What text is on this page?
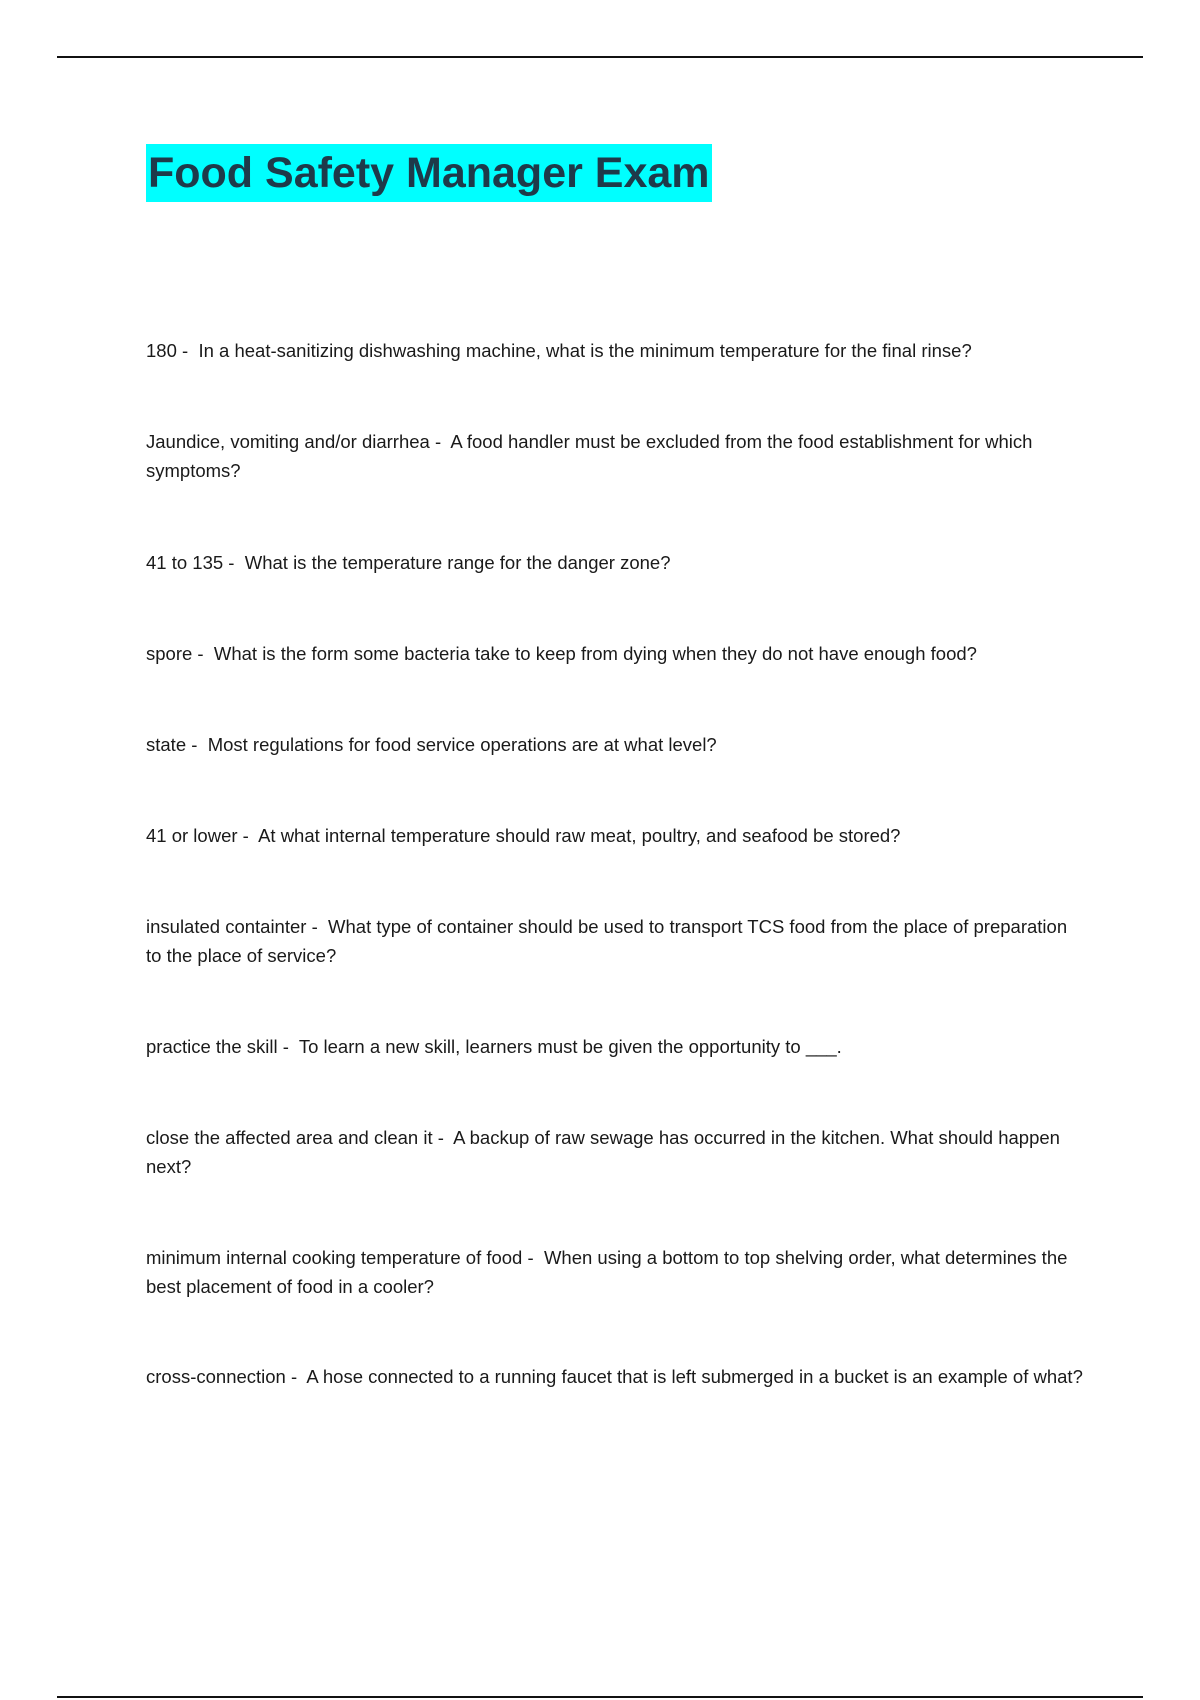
Food Safety Manager Exam
180 - In a heat-sanitizing dishwashing machine, what is the minimum temperature for the final rinse?
Jaundice, vomiting and/or diarrhea - A food handler must be excluded from the food establishment for which symptoms?
41 to 135 - What is the temperature range for the danger zone?
spore - What is the form some bacteria take to keep from dying when they do not have enough food?
state - Most regulations for food service operations are at what level?
41 or lower - At what internal temperature should raw meat, poultry, and seafood be stored?
insulated containter - What type of container should be used to transport TCS food from the place of preparation to the place of service?
practice the skill - To learn a new skill, learners must be given the opportunity to ___.
close the affected area and clean it - A backup of raw sewage has occurred in the kitchen. What should happen next?
minimum internal cooking temperature of food - When using a bottom to top shelving order, what determines the best placement of food in a cooler?
cross-connection - A hose connected to a running faucet that is left submerged in a bucket is an example of what?
